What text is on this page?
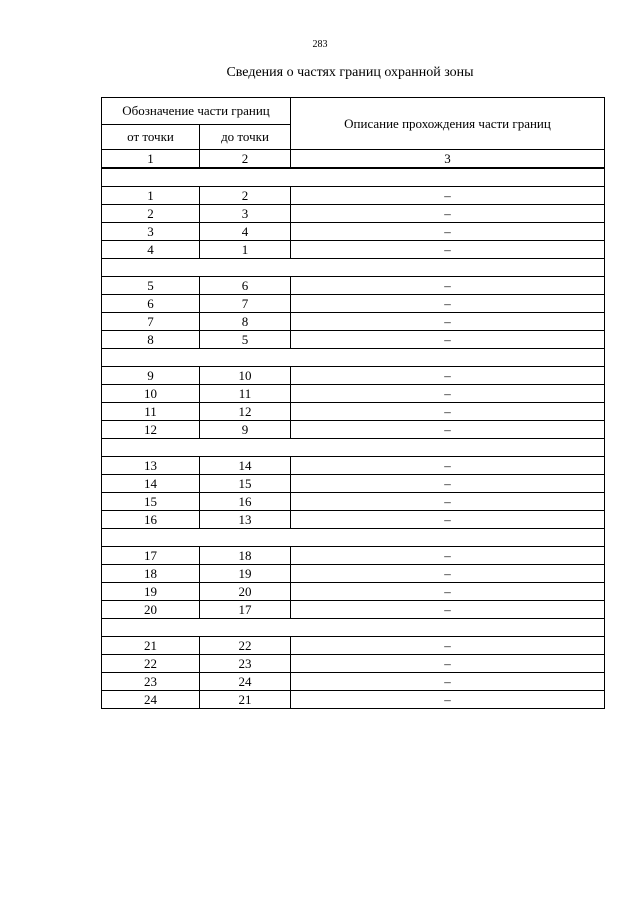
283
Сведения о частях границ охранной зоны
Обозначение части границ		Описание прохождения части границ
от точки	до точки	
1	2	3

1	2	–
2	3	–
3	4	–
4	1	–

5	6	–
6	7	–
7	8	–
8	5	–

9	10	–
10	11	–
11	12	–
12	9	–

13	14	–
14	15	–
15	16	–
16	13	–

17	18	–
18	19	–
19	20	–
20	17	–

21	22	–
22	23	–
23	24	–
24	21	–
